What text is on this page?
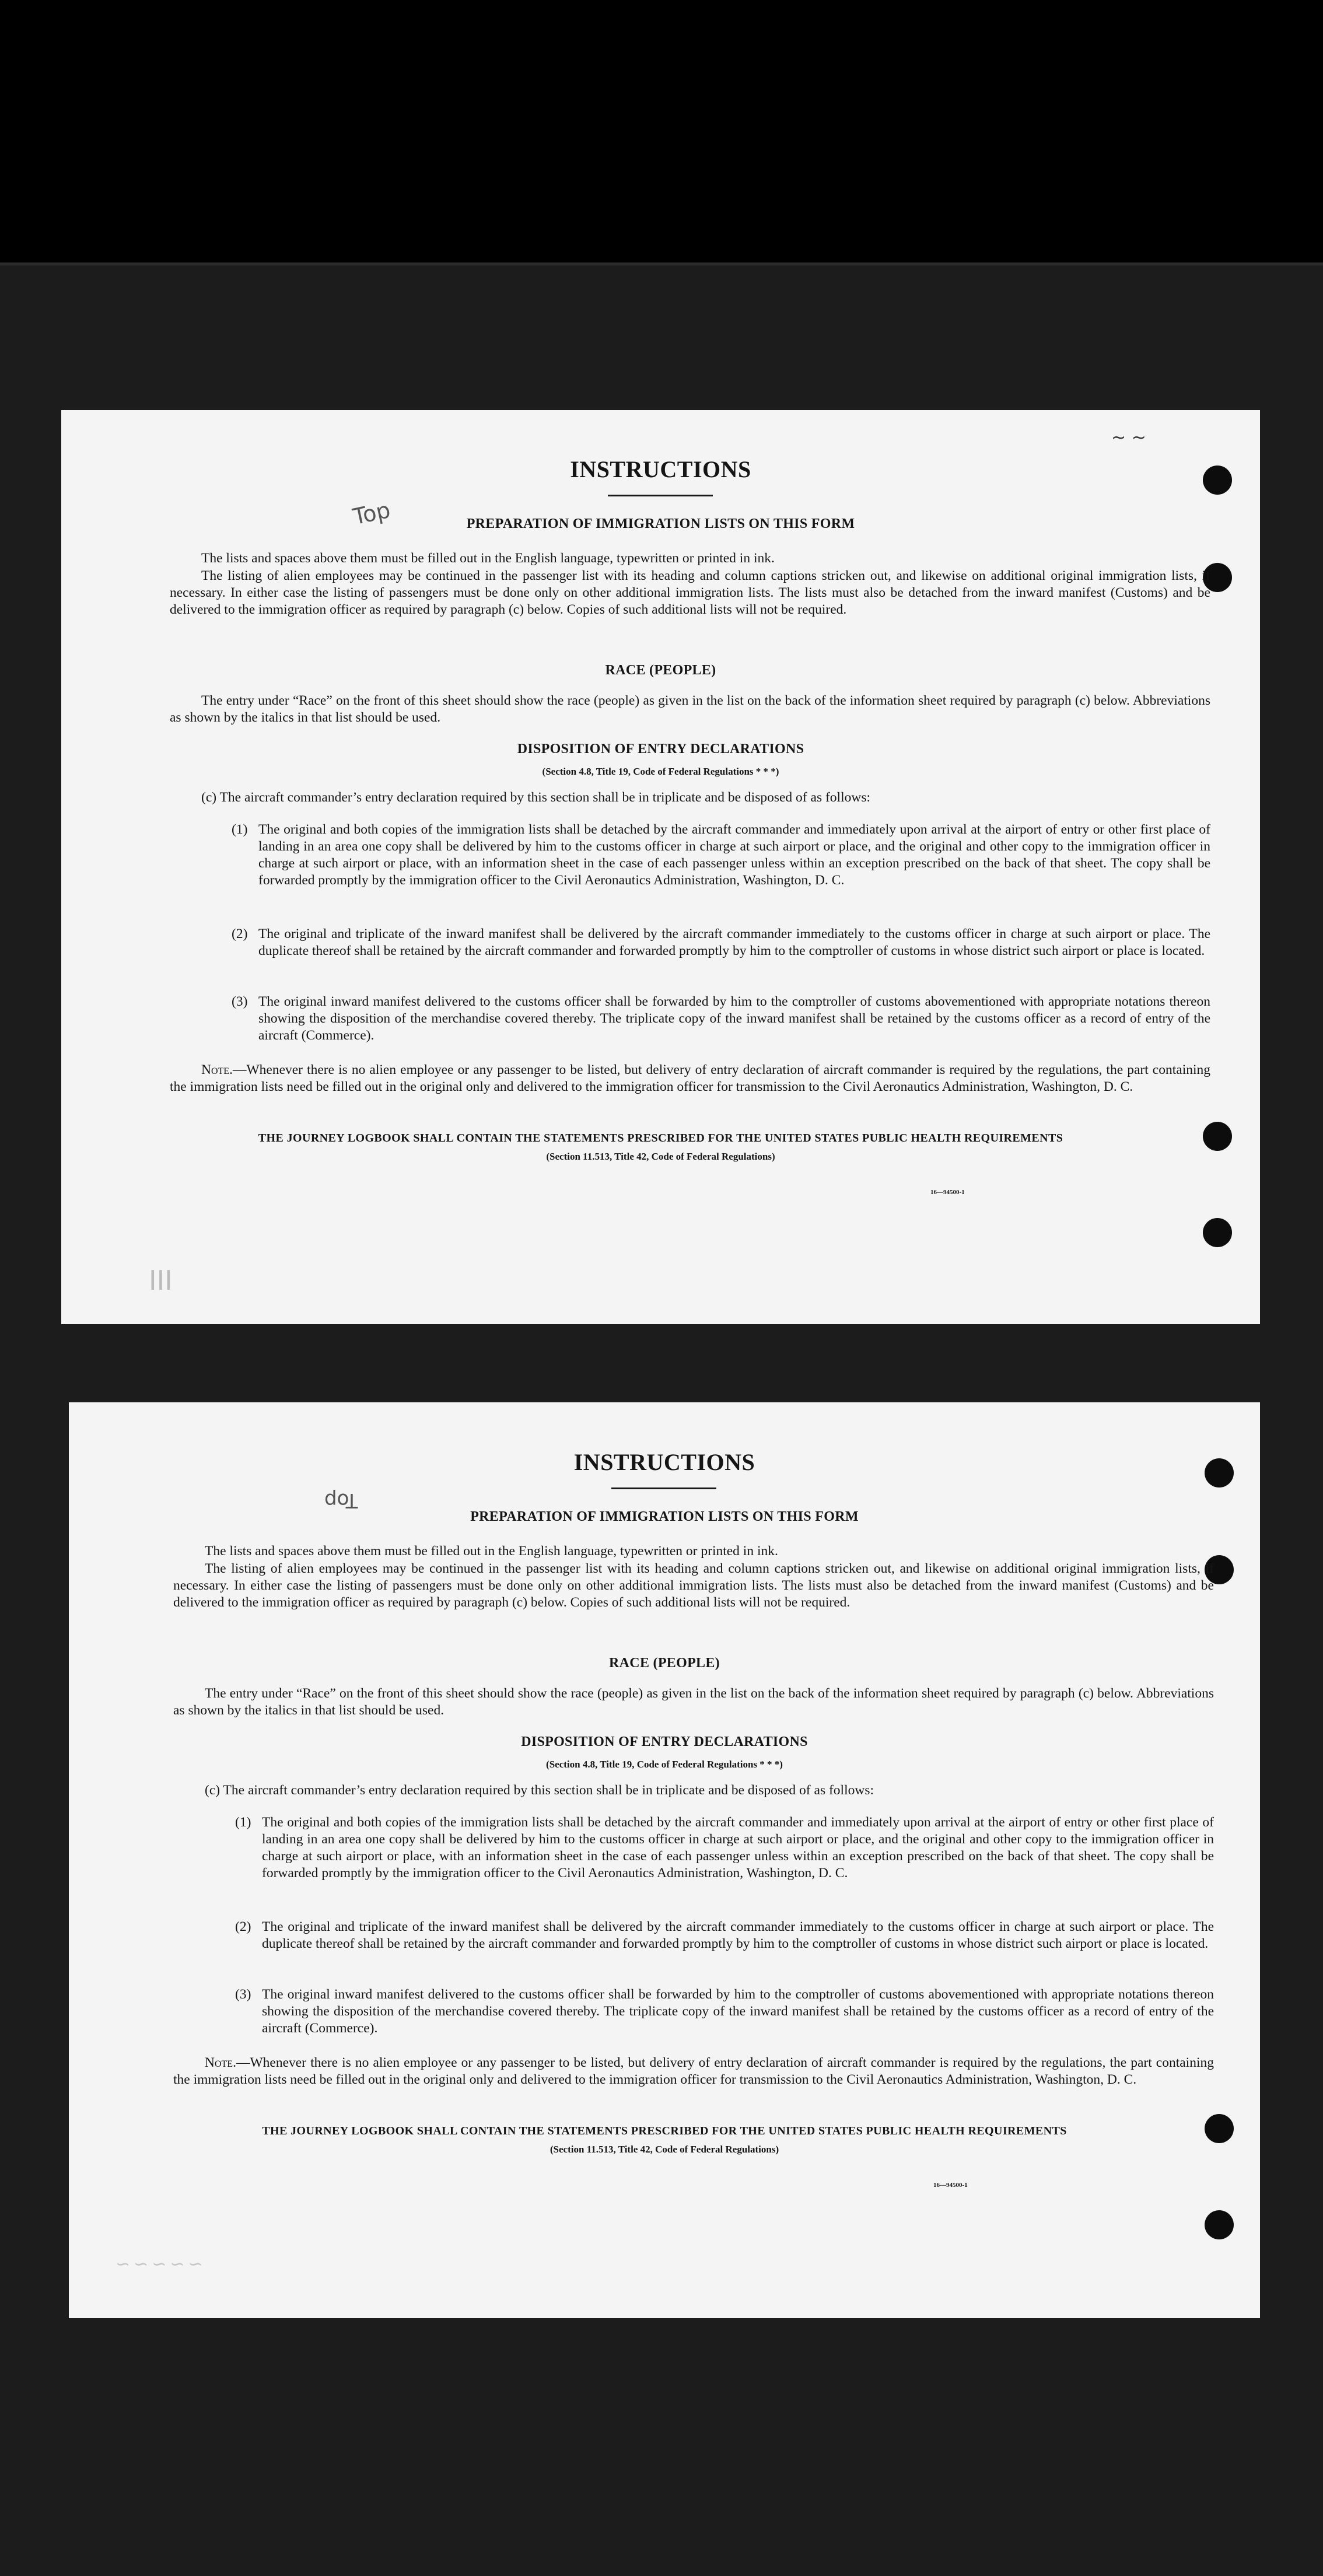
Top
~ ~
INSTRUCTIONS
PREPARATION OF IMMIGRATION LISTS ON THIS FORM

The lists and spaces above them must be filled out in the English language, typewritten or printed in ink.

The listing of alien employees may be continued in the passenger list with its heading and column captions stricken out, and likewise on additional original immigration lists, if necessary. In either case the listing of passengers must be done only on other additional immigration lists. The lists must also be detached from the inward manifest (Customs) and be delivered to the immigration officer as required by paragraph (c) below. Copies of such additional lists will not be required.

RACE (PEOPLE)

The entry under “Race” on the front of this sheet should show the race (people) as given in the list on the back of the information sheet required by paragraph (c) below. Abbreviations as shown by the italics in that list should be used.

DISPOSITION OF ENTRY DECLARATIONS
(Section 4.8, Title 19, Code of Federal Regulations * * *)

(c) The aircraft commander’s entry declaration required by this section shall be in triplicate and be disposed of as follows:

(1) The original and both copies of the immigration lists shall be detached by the aircraft commander and immediately upon arrival at the airport of entry or other first place of landing in an area one copy shall be delivered by him to the customs officer in charge at such airport or place, and the original and other copy to the immigration officer in charge at such airport or place, with an information sheet in the case of each passenger unless within an exception prescribed on the back of that sheet. The copy shall be forwarded promptly by the immigration officer to the Civil Aeronautics Administration, Washington, D. C.

(2) The original and triplicate of the inward manifest shall be delivered by the aircraft commander immediately to the customs officer in charge at such airport or place. The duplicate thereof shall be retained by the aircraft commander and forwarded promptly by him to the comptroller of customs in whose district such airport or place is located.

(3) The original inward manifest delivered to the customs officer shall be forwarded by him to the comptroller of customs abovementioned with appropriate notations thereon showing the disposition of the merchandise covered thereby. The triplicate copy of the inward manifest shall be retained by the customs officer as a record of entry of the aircraft (Commerce).

Note.—Whenever there is no alien employee or any passenger to be listed, but delivery of entry declaration of aircraft commander is required by the regulations, the part containing the immigration lists need be filled out in the original only and delivered to the immigration officer for transmission to the Civil Aeronautics Administration, Washington, D. C.

THE JOURNEY LOGBOOK SHALL CONTAIN THE STATEMENTS PRESCRIBED FOR THE UNITED STATES PUBLIC HEALTH REQUIREMENTS
(Section 11.513, Title 42, Code of Federal Regulations)
16—94500-1
ⅠⅠⅠ
Top
INSTRUCTIONS
PREPARATION OF IMMIGRATION LISTS ON THIS FORM

The lists and spaces above them must be filled out in the English language, typewritten or printed in ink.

The listing of alien employees may be continued in the passenger list with its heading and column captions stricken out, and likewise on additional original immigration lists, if necessary. In either case the listing of passengers must be done only on other additional immigration lists. The lists must also be detached from the inward manifest (Customs) and be delivered to the immigration officer as required by paragraph (c) below. Copies of such additional lists will not be required.

RACE (PEOPLE)

The entry under “Race” on the front of this sheet should show the race (people) as given in the list on the back of the information sheet required by paragraph (c) below. Abbreviations as shown by the italics in that list should be used.

DISPOSITION OF ENTRY DECLARATIONS
(Section 4.8, Title 19, Code of Federal Regulations * * *)

(c) The aircraft commander’s entry declaration required by this section shall be in triplicate and be disposed of as follows:

(1) The original and both copies of the immigration lists shall be detached by the aircraft commander and immediately upon arrival at the airport of entry or other first place of landing in an area one copy shall be delivered by him to the customs officer in charge at such airport or place, and the original and other copy to the immigration officer in charge at such airport or place, with an information sheet in the case of each passenger unless within an exception prescribed on the back of that sheet. The copy shall be forwarded promptly by the immigration officer to the Civil Aeronautics Administration, Washington, D. C.

(2) The original and triplicate of the inward manifest shall be delivered by the aircraft commander immediately to the customs officer in charge at such airport or place. The duplicate thereof shall be retained by the aircraft commander and forwarded promptly by him to the comptroller of customs in whose district such airport or place is located.

(3) The original inward manifest delivered to the customs officer shall be forwarded by him to the comptroller of customs abovementioned with appropriate notations thereon showing the disposition of the merchandise covered thereby. The triplicate copy of the inward manifest shall be retained by the customs officer as a record of entry of the aircraft (Commerce).

Note.—Whenever there is no alien employee or any passenger to be listed, but delivery of entry declaration of aircraft commander is required by the regulations, the part containing the immigration lists need be filled out in the original only and delivered to the immigration officer for transmission to the Civil Aeronautics Administration, Washington, D. C.

THE JOURNEY LOGBOOK SHALL CONTAIN THE STATEMENTS PRESCRIBED FOR THE UNITED STATES PUBLIC HEALTH REQUIREMENTS
(Section 11.513, Title 42, Code of Federal Regulations)
16—94500-1
∽∽∽∽∽
